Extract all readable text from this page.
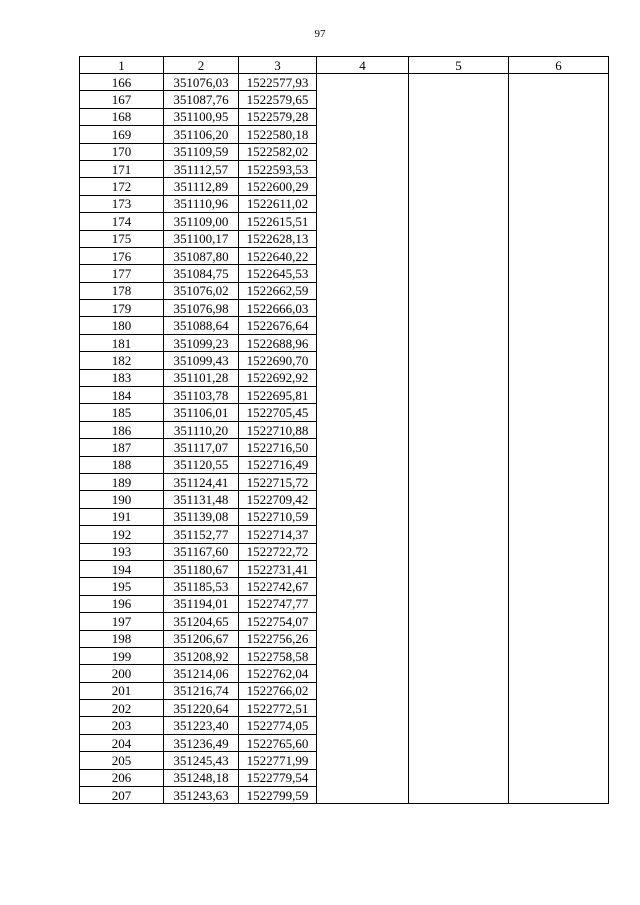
97
1	2	3	4	5	6
166	351076,03	1522577,93			
167	351087,76	1522579,65			
168	351100,95	1522579,28			
169	351106,20	1522580,18			
170	351109,59	1522582,02			
171	351112,57	1522593,53			
172	351112,89	1522600,29			
173	351110,96	1522611,02			
174	351109,00	1522615,51			
175	351100,17	1522628,13			
176	351087,80	1522640,22			
177	351084,75	1522645,53			
178	351076,02	1522662,59			
179	351076,98	1522666,03			
180	351088,64	1522676,64			
181	351099,23	1522688,96			
182	351099,43	1522690,70			
183	351101,28	1522692,92			
184	351103,78	1522695,81			
185	351106,01	1522705,45			
186	351110,20	1522710,88			
187	351117,07	1522716,50			
188	351120,55	1522716,49			
189	351124,41	1522715,72			
190	351131,48	1522709,42			
191	351139,08	1522710,59			
192	351152,77	1522714,37			
193	351167,60	1522722,72			
194	351180,67	1522731,41			
195	351185,53	1522742,67			
196	351194,01	1522747,77			
197	351204,65	1522754,07			
198	351206,67	1522756,26			
199	351208,92	1522758,58			
200	351214,06	1522762,04			
201	351216,74	1522766,02			
202	351220,64	1522772,51			
203	351223,40	1522774,05			
204	351236,49	1522765,60			
205	351245,43	1522771,99			
206	351248,18	1522779,54			
207	351243,63	1522799,59			
